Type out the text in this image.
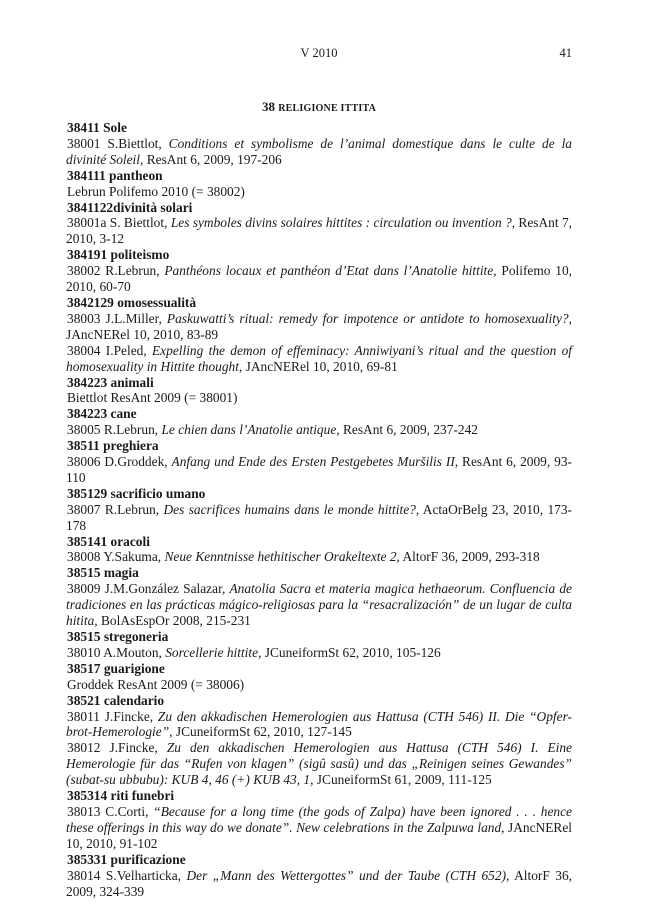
V 2010	41
38 RELIGIONE ITTITA
38411 Sole
38001 S.Biettlot, Conditions et symbolisme de l’animal domestique dans le culte de la divinité Soleil, ResAnt 6, 2009, 197-206
384111 pantheon
Lebrun Polifemo 2010 (= 38002)
3841122divinità solari
38001a S. Biettlot, Les symboles divins solaires hittites : circulation ou invention ?, ResAnt 7, 2010, 3-12
384191 politeismo
38002 R.Lebrun, Panthéons locaux et panthéon d’Etat dans l’Anatolie hittite, Polifemo 10, 2010, 60-70
3842129 omosessualità
38003 J.L.Miller, Paskuwatti’s ritual: remedy for impotence or antidote to homosexuality?, JAncNERel 10, 2010, 83-89
38004 I.Peled, Expelling the demon of effeminacy: Anniwiyani’s ritual and the question of homosexuality in Hittite thought, JAncNERel 10, 2010, 69-81
384223 animali
Biettlot ResAnt 2009 (= 38001)
384223 cane
38005 R.Lebrun, Le chien dans l’Anatolie antique, ResAnt 6, 2009, 237-242
38511 preghiera
38006 D.Groddek, Anfang und Ende des Ersten Pestgebetes Muršilis II, ResAnt 6, 2009, 93-110
385129 sacrificio umano
38007 R.Lebrun, Des sacrifices humains dans le monde hittite?, ActaOrBelg 23, 2010, 173-178
385141 oracoli
38008 Y.Sakuma, Neue Kenntnisse hethitischer Orakeltexte 2, AltorF 36, 2009, 293-318
38515 magia
38009 J.M.González Salazar, Anatolia Sacra et materia magica hethaeorum. Confluencia de tradiciones en las prácticas mágico-religiosas para la “resacralización” de un lugar de culta hitita, BolAsEspOr 2008, 215-231
38515 stregoneria
38010 A.Mouton, Sorcellerie hittite, JCuneiformSt 62, 2010, 105-126
38517 guarigione
Groddek ResAnt 2009 (= 38006)
38521 calendario
38011 J.Fincke, Zu den akkadischen Hemerologien aus Hattusa (CTH 546) II. Die “Opfer-brot-Hemerologie”, JCuneiformSt 62, 2010, 127-145
38012 J.Fincke, Zu den akkadischen Hemerologien aus Hattusa (CTH 546) I. Eine Hemerologie für das “Rufen von klagen” (sigû sasû) und das „Reinigen seines Gewandes” (subat-su ubbubu): KUB 4, 46 (+) KUB 43, 1, JCuneiformSt 61, 2009, 111-125
385314 riti funebri
38013 C.Corti, “Because for a long time (the gods of Zalpa) have been ignored . . . hence these offerings in this way do we donate”. New celebrations in the Zalpuwa land, JAncNERel 10, 2010, 91-102
385331 purificazione
38014 S.Velharticka, Der „Mann des Wettergottes” und der Taube (CTH 652), AltorF 36, 2009, 324-339
